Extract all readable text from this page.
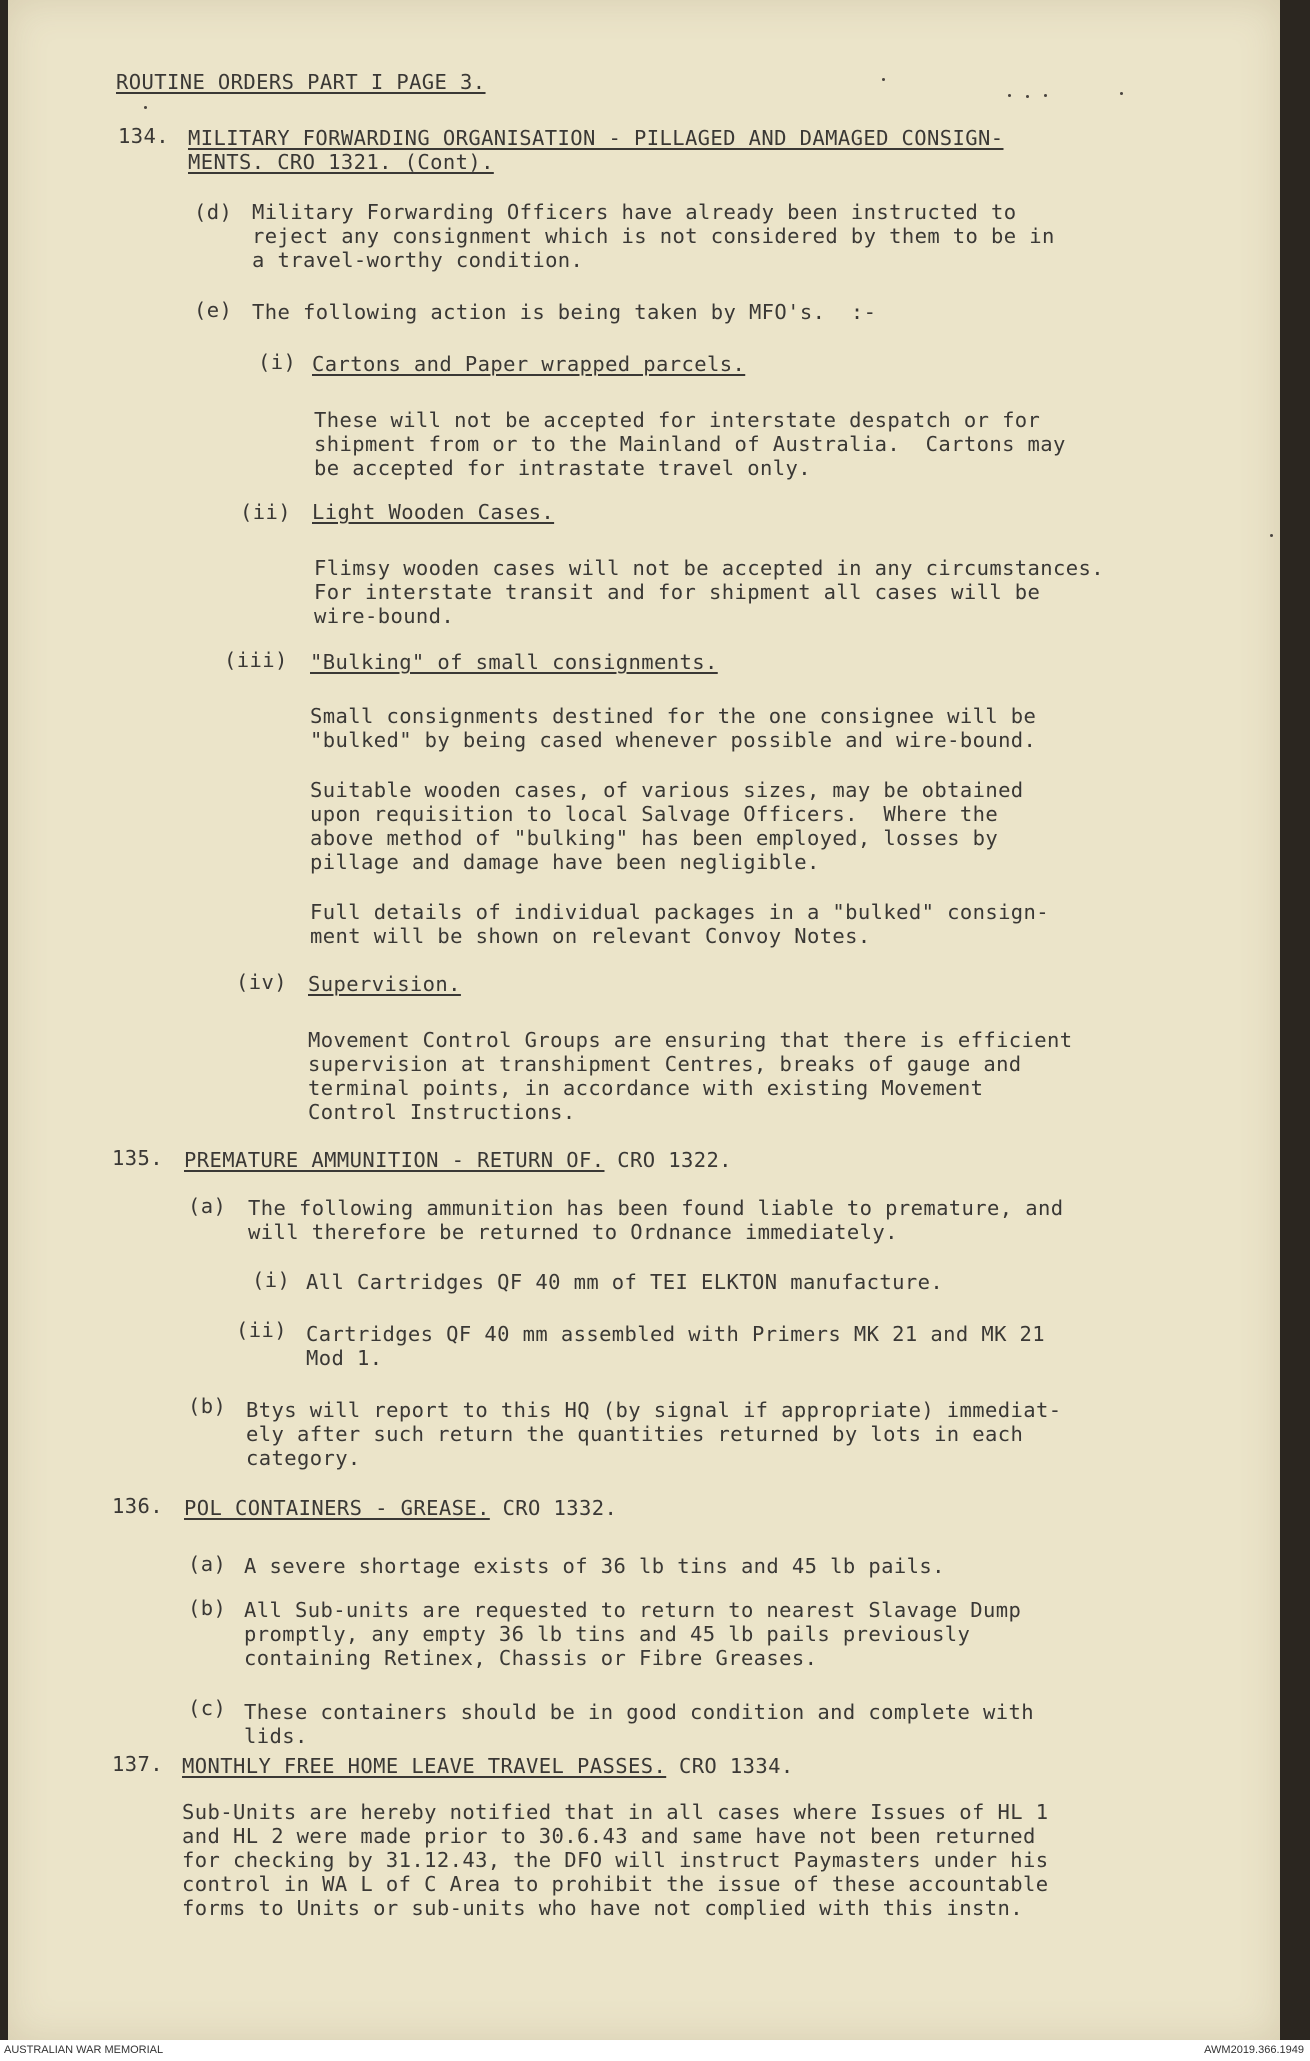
ROUTINE ORDERS PART I PAGE 3.
134. MILITARY FORWARDING ORGANISATION - PILLAGED AND DAMAGED CONSIGN-
MENTS. CRO 1321. (Cont).
(d) Military Forwarding Officers have already been instructed to
reject any consignment which is not considered by them to be in
a travel-worthy condition.
(e) The following action is being taken by MFO's.  :-
(i) Cartons and Paper wrapped parcels.
These will not be accepted for interstate despatch or for
shipment from or to the Mainland of Australia.  Cartons may
be accepted for intrastate travel only.
(ii) Light Wooden Cases.
Flimsy wooden cases will not be accepted in any circumstances.
For interstate transit and for shipment all cases will be
wire-bound.
(iii) "Bulking" of small consignments.
Small consignments destined for the one consignee will be
"bulked" by being cased whenever possible and wire-bound.
Suitable wooden cases, of various sizes, may be obtained
upon requisition to local Salvage Officers.  Where the
above method of "bulking" has been employed, losses by
pillage and damage have been negligible.
Full details of individual packages in a "bulked" consign-
ment will be shown on relevant Convoy Notes.
(iv) Supervision.
Movement Control Groups are ensuring that there is efficient
supervision at transhipment Centres, breaks of gauge and
terminal points, in accordance with existing Movement
Control Instructions.
135. PREMATURE AMMUNITION - RETURN OF. CRO 1322.
(a) The following ammunition has been found liable to premature, and
will therefore be returned to Ordnance immediately.
(i) All Cartridges QF 40 mm of TEI ELKTON manufacture.
(ii) Cartridges QF 40 mm assembled with Primers MK 21 and MK 21
Mod 1.
(b) Btys will report to this HQ (by signal if appropriate) immediat-
ely after such return the quantities returned by lots in each
category.
136. POL CONTAINERS - GREASE. CRO 1332.
(a) A severe shortage exists of 36 lb tins and 45 lb pails.
(b) All Sub-units are requested to return to nearest Slavage Dump
promptly, any empty 36 lb tins and 45 lb pails previously
containing Retinex, Chassis or Fibre Greases.
(c) These containers should be in good condition and complete with
lids.
137. MONTHLY FREE HOME LEAVE TRAVEL PASSES. CRO 1334.
Sub-Units are hereby notified that in all cases where Issues of HL 1
and HL 2 were made prior to 30.6.43 and same have not been returned
for checking by 31.12.43, the DFO will instruct Paymasters under his
control in WA L of C Area to prohibit the issue of these accountable
forms to Units or sub-units who have not complied with this instn.
AUSTRALIAN WAR MEMORIAL	AWM2019.366.1949
